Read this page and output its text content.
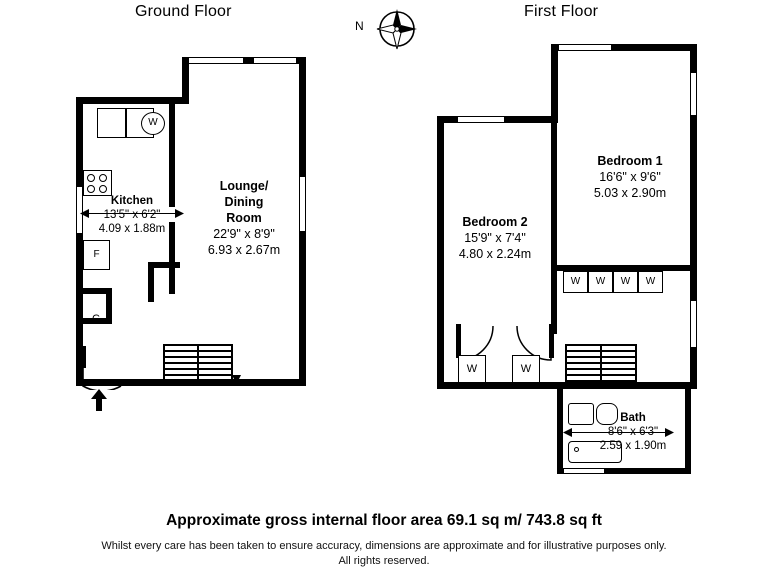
Ground Floor	First Floor
N
W
F
C
Kitchen
13'5" x 6'2"
4.09 x 1.88m
Lounge/
Dining
Room
22'9" x 8'9"
6.93 x 2.67m
W	W	W	W
W	W
Bedroom 1
16'6" x 9'6"
5.03 x 2.90m
Bedroom 2
15'9" x 7'4"
4.80 x 2.24m
Bath
8'6" x 6'3"
2.59 x 1.90m
Approximate gross internal floor area 69.1 sq m/ 743.8 sq ft
Whilst every care has been taken to ensure accuracy, dimensions are approximate and for illustrative purposes only.
All rights reserved.
